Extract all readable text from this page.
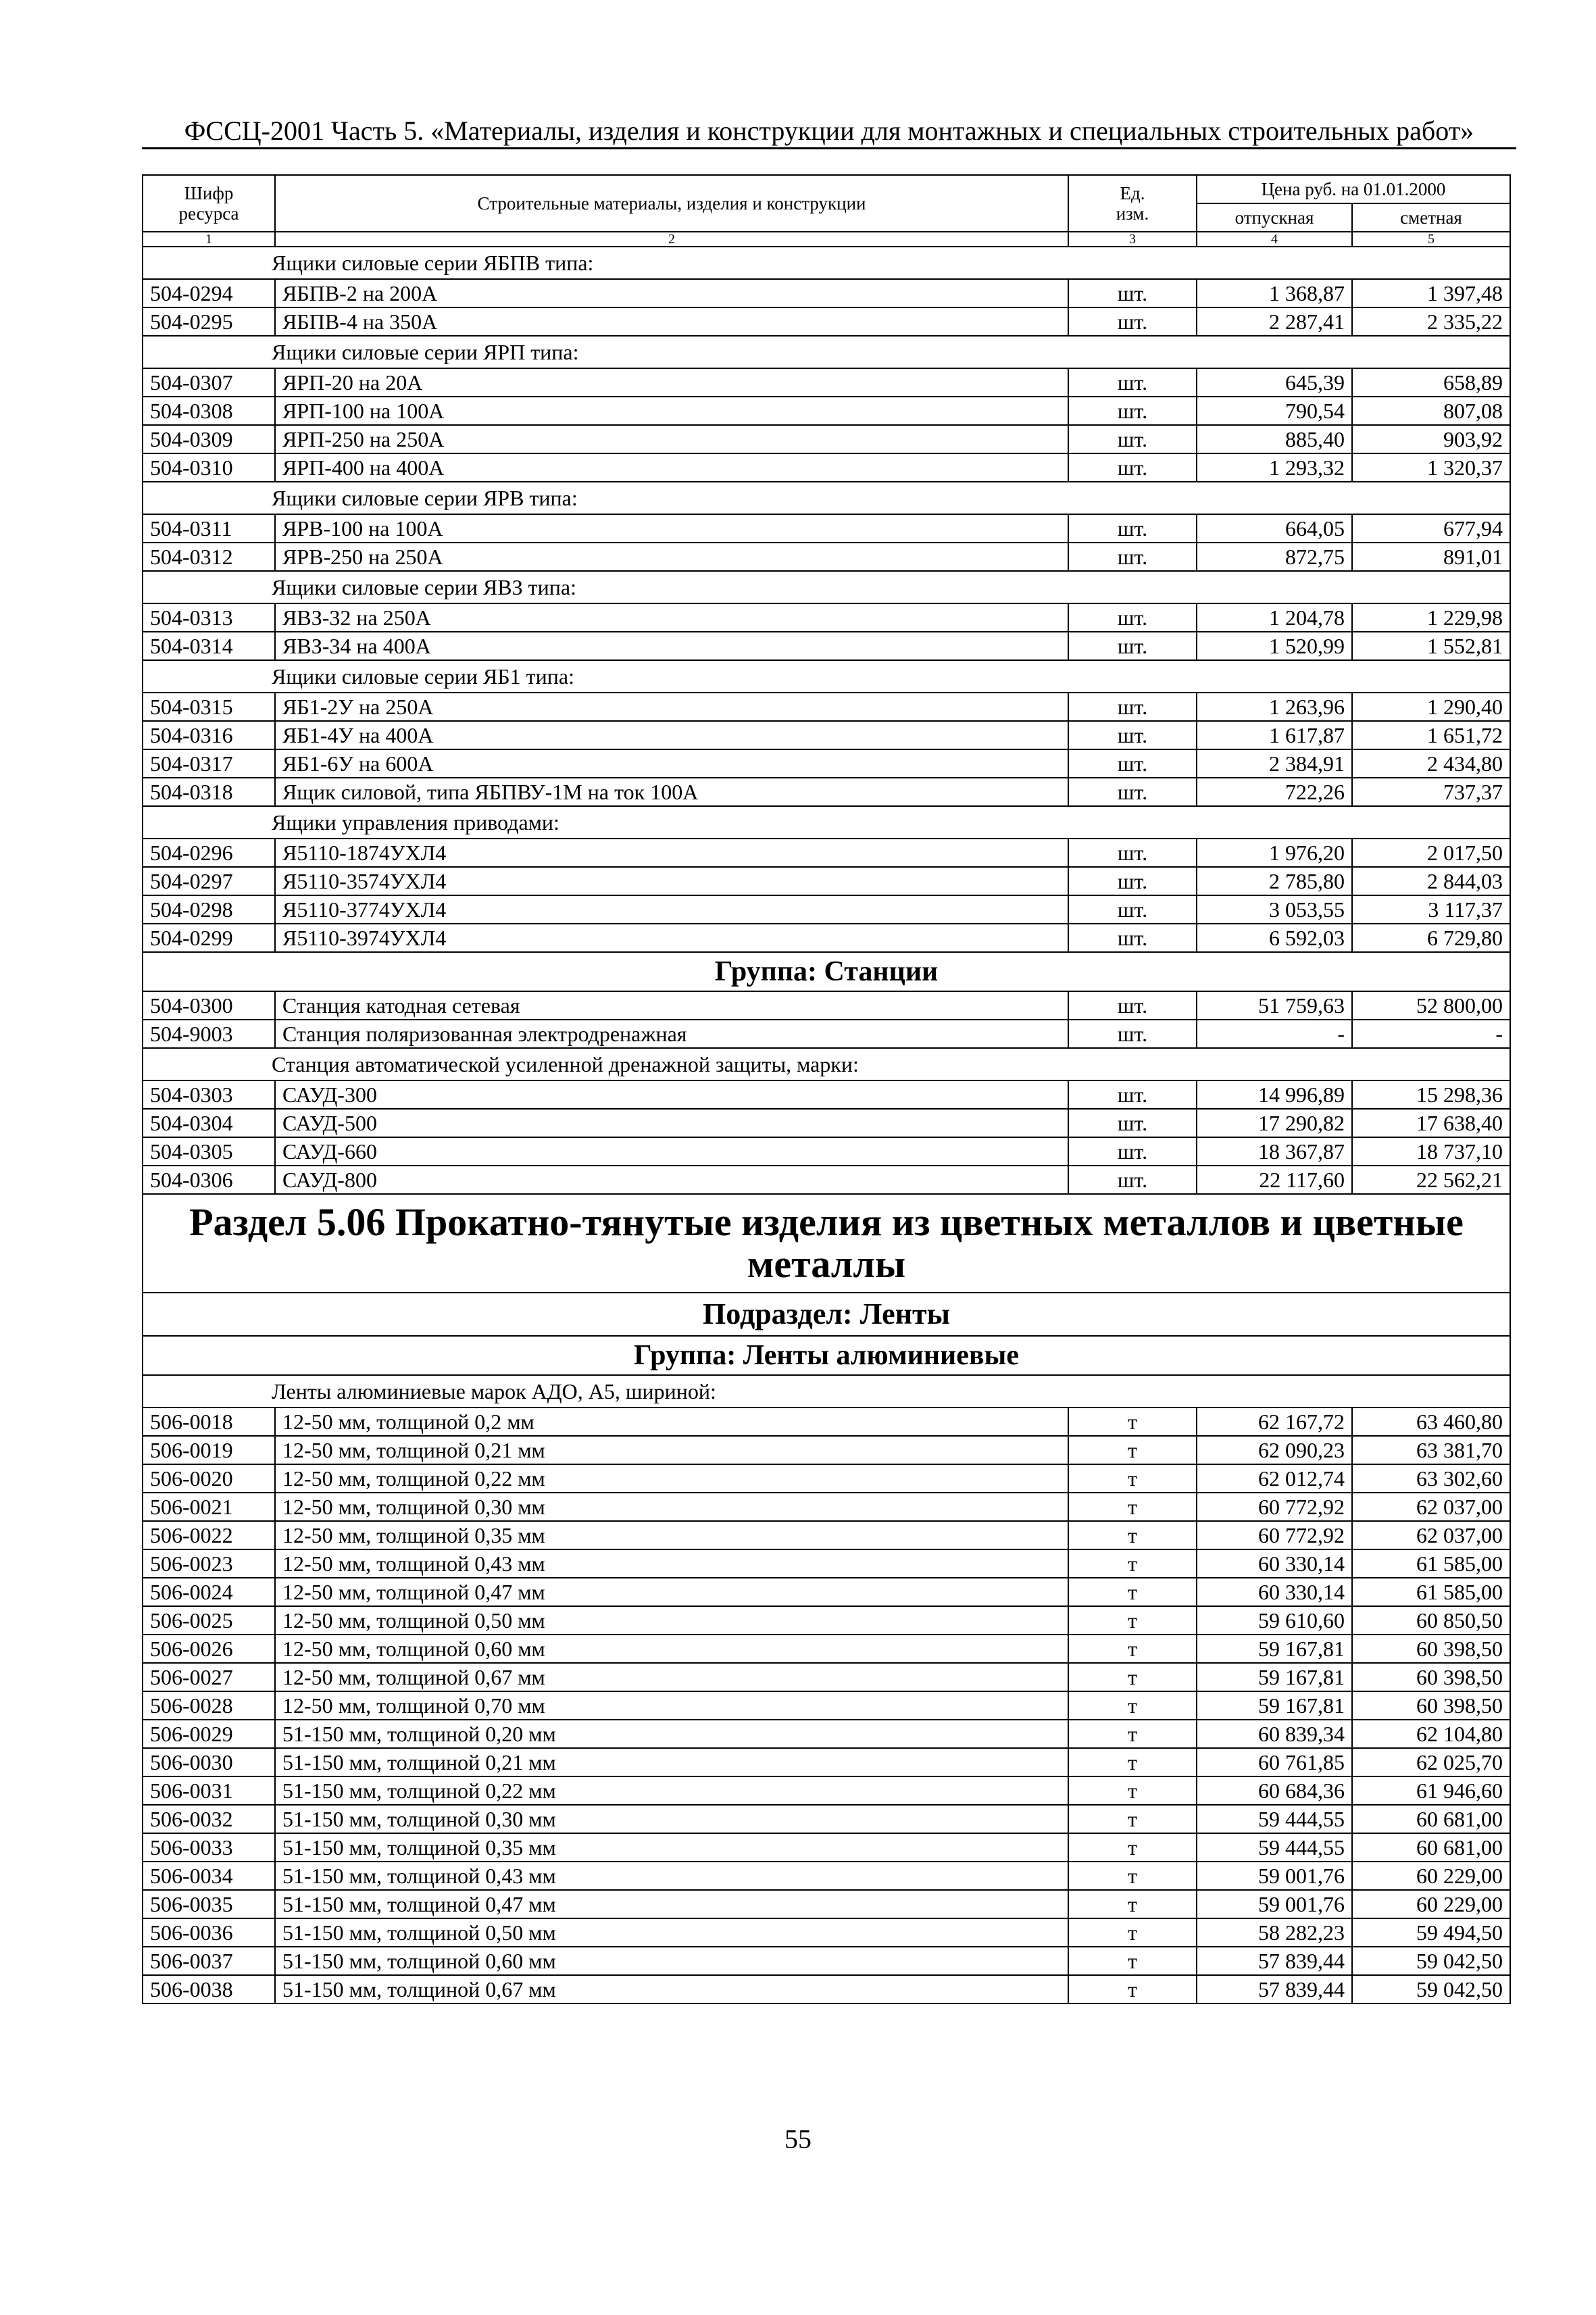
ФССЦ-2001 Часть 5. «Материалы, изделия и конструкции для монтажных и специальных строительных работ»
Шифр ресурса	Строительные материалы, изделия и конструкции	Ед. изм.	Цена руб. на 01.01.2000	
			отпускная	сметная
1	2	3	4	5
Ящики силовые серии ЯБПВ типа:				
504-0294	ЯБПВ-2 на 200А	шт.	1 368,87	1 397,48
504-0295	ЯБПВ-4 на 350А	шт.	2 287,41	2 335,22
Ящики силовые серии ЯРП типа:				
504-0307	ЯРП-20 на 20А	шт.	645,39	658,89
504-0308	ЯРП-100 на 100А	шт.	790,54	807,08
504-0309	ЯРП-250 на 250А	шт.	885,40	903,92
504-0310	ЯРП-400 на 400А	шт.	1 293,32	1 320,37
Ящики силовые серии ЯРВ типа:				
504-0311	ЯРВ-100 на 100А	шт.	664,05	677,94
504-0312	ЯРВ-250 на 250А	шт.	872,75	891,01
Ящики силовые серии ЯВЗ типа:				
504-0313	ЯВЗ-32 на 250А	шт.	1 204,78	1 229,98
504-0314	ЯВЗ-34 на 400А	шт.	1 520,99	1 552,81
Ящики силовые серии ЯБ1 типа:				
504-0315	ЯБ1-2У на 250А	шт.	1 263,96	1 290,40
504-0316	ЯБ1-4У на 400А	шт.	1 617,87	1 651,72
504-0317	ЯБ1-6У на 600А	шт.	2 384,91	2 434,80
504-0318	Ящик силовой, типа ЯБПВУ-1М на ток 100А	шт.	722,26	737,37
Ящики управления приводами:				
504-0296	Я5110-1874УХЛ4	шт.	1 976,20	2 017,50
504-0297	Я5110-3574УХЛ4	шт.	2 785,80	2 844,03
504-0298	Я5110-3774УХЛ4	шт.	3 053,55	3 117,37
504-0299	Я5110-3974УХЛ4	шт.	6 592,03	6 729,80
Группа: Станции				
504-0300	Станция катодная сетевая	шт.	51 759,63	52 800,00
504-9003	Станция поляризованная электродренажная	шт.	-	-
Станция автоматической усиленной дренажной защиты, марки:				
504-0303	САУД-300	шт.	14 996,89	15 298,36
504-0304	САУД-500	шт.	17 290,82	17 638,40
504-0305	САУД-660	шт.	18 367,87	18 737,10
504-0306	САУД-800	шт.	22 117,60	22 562,21
Раздел 5.06 Прокатно-тянутые изделия из цветных металлов и цветные металлы				
Подраздел: Ленты				
Группа: Ленты алюминиевые				
Ленты алюминиевые марок АДО, А5, шириной:				
506-0018	12-50 мм, толщиной 0,2 мм	т	62 167,72	63 460,80
506-0019	12-50 мм, толщиной 0,21 мм	т	62 090,23	63 381,70
506-0020	12-50 мм, толщиной 0,22 мм	т	62 012,74	63 302,60
506-0021	12-50 мм, толщиной 0,30 мм	т	60 772,92	62 037,00
506-0022	12-50 мм, толщиной 0,35 мм	т	60 772,92	62 037,00
506-0023	12-50 мм, толщиной 0,43 мм	т	60 330,14	61 585,00
506-0024	12-50 мм, толщиной 0,47 мм	т	60 330,14	61 585,00
506-0025	12-50 мм, толщиной 0,50 мм	т	59 610,60	60 850,50
506-0026	12-50 мм, толщиной 0,60 мм	т	59 167,81	60 398,50
506-0027	12-50 мм, толщиной 0,67 мм	т	59 167,81	60 398,50
506-0028	12-50 мм, толщиной 0,70 мм	т	59 167,81	60 398,50
506-0029	51-150 мм, толщиной 0,20 мм	т	60 839,34	62 104,80
506-0030	51-150 мм, толщиной 0,21 мм	т	60 761,85	62 025,70
506-0031	51-150 мм, толщиной 0,22 мм	т	60 684,36	61 946,60
506-0032	51-150 мм, толщиной 0,30 мм	т	59 444,55	60 681,00
506-0033	51-150 мм, толщиной 0,35 мм	т	59 444,55	60 681,00
506-0034	51-150 мм, толщиной 0,43 мм	т	59 001,76	60 229,00
506-0035	51-150 мм, толщиной 0,47 мм	т	59 001,76	60 229,00
506-0036	51-150 мм, толщиной 0,50 мм	т	58 282,23	59 494,50
506-0037	51-150 мм, толщиной 0,60 мм	т	57 839,44	59 042,50
506-0038	51-150 мм, толщиной 0,67 мм	т	57 839,44	59 042,50
55
